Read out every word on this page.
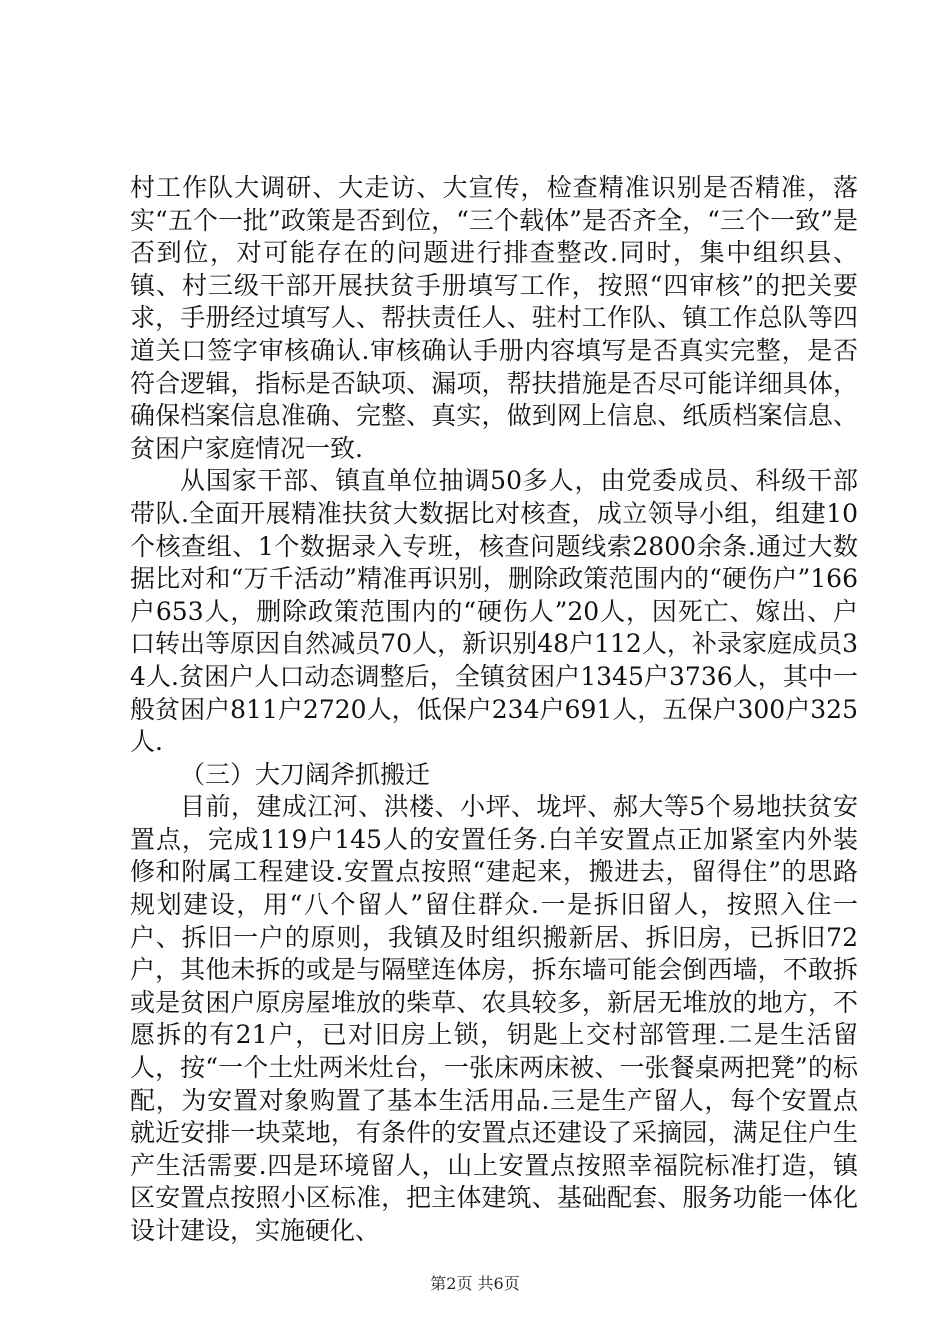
村工作队大调研、大走访、大宣传，检查精准识别是否精准，落实“五个一批”政策是否到位，“三个载体”是否齐全，“三个一致”是否到位，对可能存在的问题进行排查整改.同时，集中组织县、镇、村三级干部开展扶贫手册填写工作，按照“四审核”的把关要求，手册经过填写人、帮扶责任人、驻村工作队、镇工作总队等四道关口签字审核确认.审核确认手册内容填写是否真实完整，是否符合逻辑，指标是否缺项、漏项，帮扶措施是否尽可能详细具体，确保档案信息准确、完整、真实，做到网上信息、纸质档案信息、贫困户家庭情况一致.

从国家干部、镇直单位抽调50多人，由党委成员、科级干部带队.全面开展精准扶贫大数据比对核查，成立领导小组，组建10个核查组、1个数据录入专班，核查问题线索2800余条.通过大数据比对和“万千活动”精准再识别，删除政策范围内的“硬伤户”166户653人，删除政策范围内的“硬伤人”20人，因死亡、嫁出、户口转出等原因自然减员70人，新识别48户112人，补录家庭成员34人.贫困户人口动态调整后，全镇贫困户1345户3736人，其中一般贫困户811户2720人，低保户234户691人，五保户300户325人.

（三）大刀阔斧抓搬迁

目前，建成江河、洪楼、小坪、垅坪、郝大等5个易地扶贫安置点，完成119户145人的安置任务.白羊安置点正加紧室内外装修和附属工程建设.安置点按照“建起来，搬进去，留得住”的思路规划建设，用“八个留人”留住群众.一是拆旧留人，按照入住一户、拆旧一户的原则，我镇及时组织搬新居、拆旧房，已拆旧72户，其他未拆的或是与隔壁连体房，拆东墙可能会倒西墙，不敢拆或是贫困户原房屋堆放的柴草、农具较多，新居无堆放的地方，不愿拆的有21户，已对旧房上锁，钥匙上交村部管理.二是生活留人，按“一个土灶两米灶台，一张床两床被、一张餐桌两把凳”的标配，为安置对象购置了基本生活用品.三是生产留人，每个安置点就近安排一块菜地，有条件的安置点还建设了采摘园，满足住户生产生活需要.四是环境留人，山上安置点按照幸福院标准打造，镇区安置点按照小区标准，把主体建筑、基础配套、服务功能一体化设计建设，实施硬化、

第2页 共6页
